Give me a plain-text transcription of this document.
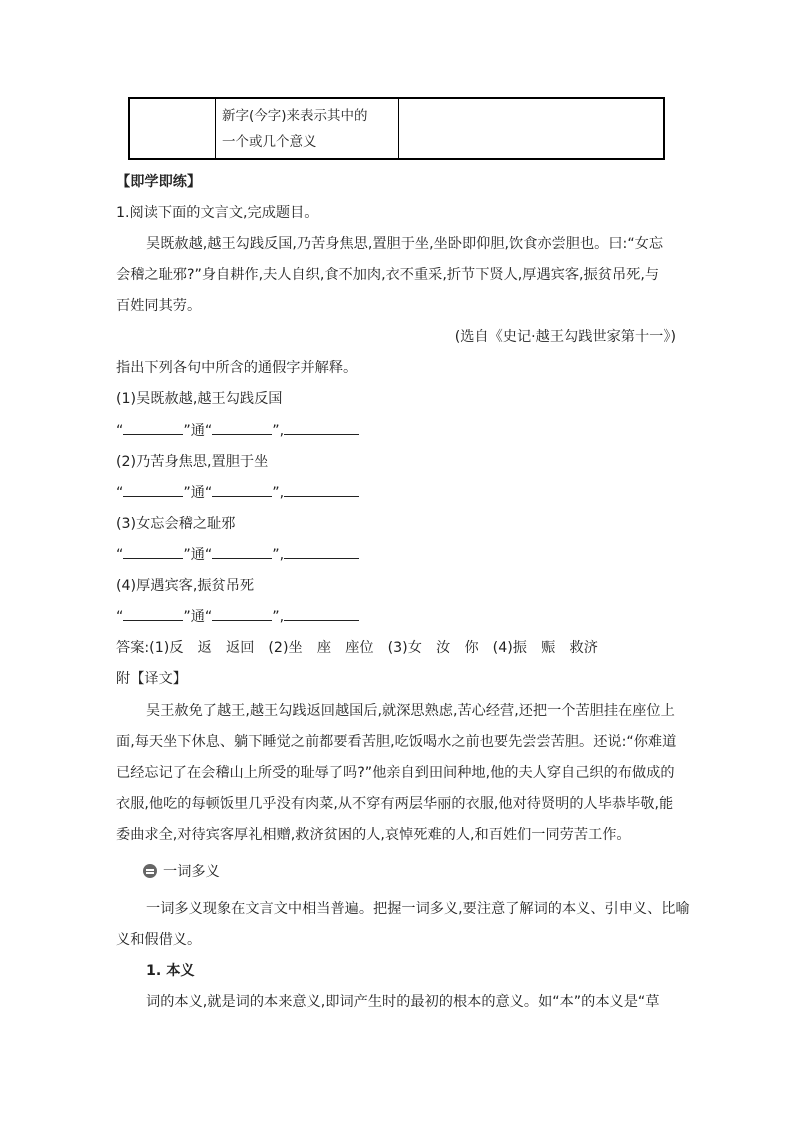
新字(今字)来表示其中的
一个或几个意义

【即学即练】
1.阅读下面的文言文,完成题目。
吴既赦越,越王勾践反国,乃苦身焦思,置胆于坐,坐卧即仰胆,饮食亦尝胆也。曰:“女忘
会稽之耻邪?”身自耕作,夫人自织,食不加肉,衣不重采,折节下贤人,厚遇宾客,振贫吊死,与
百姓同其劳。
(选自《史记·越王勾践世家第十一》)
指出下列各句中所含的通假字并解释。
(1)吴既赦越,越王勾践反国
“	”通“	”,
(2)乃苦身焦思,置胆于坐
“	”通“	”,
(3)女忘会稽之耻邪
“	”通“	”,
(4)厚遇宾客,振贫吊死
“	”通“	”,
答案:(1)反　返　返回 (2)坐　座　座位 (3)女　汝　你 (4)振　赈　救济
附【译文】
吴王赦免了越王,越王勾践返回越国后,就深思熟虑,苦心经营,还把一个苦胆挂在座位上
面,每天坐下休息、躺下睡觉之前都要看苦胆,吃饭喝水之前也要先尝尝苦胆。还说:“你难道
已经忘记了在会稽山上所受的耻辱了吗?”他亲自到田间种地,他的夫人穿自己织的布做成的
衣服,他吃的每顿饭里几乎没有肉菜,从不穿有两层华丽的衣服,他对待贤明的人毕恭毕敬,能
委曲求全,对待宾客厚礼相赠,救济贫困的人,哀悼死难的人,和百姓们一同劳苦工作。
一词多义
一词多义现象在文言文中相当普遍。把握一词多义,要注意了解词的本义、引申义、比喻
义和假借义。
1. 本义
词的本义,就是词的本来意义,即词产生时的最初的根本的意义。如“本”的本义是“草
